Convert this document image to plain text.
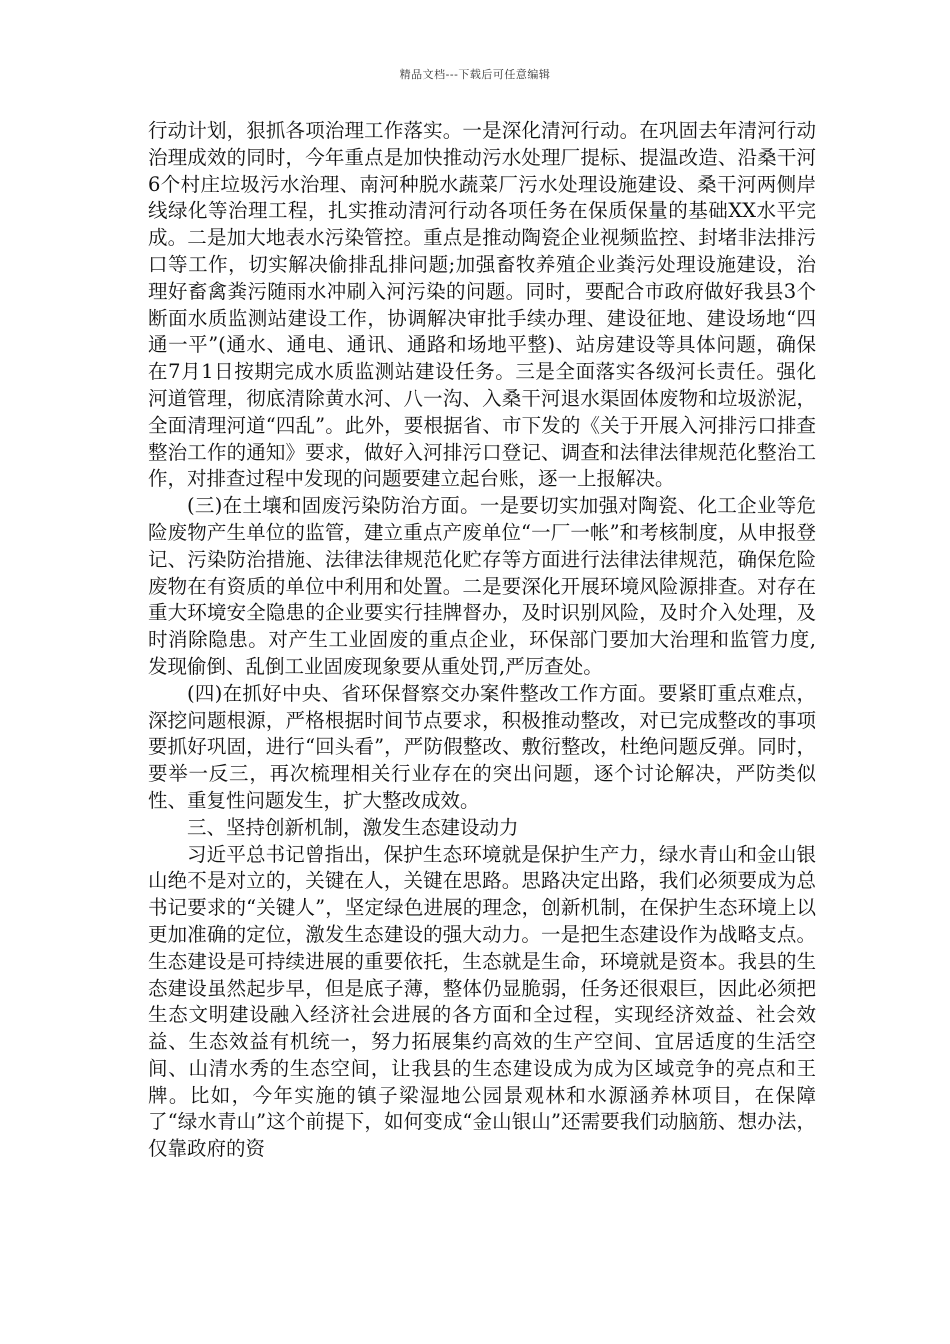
精品文档---下载后可任意编辑

行动计划，狠抓各项治理工作落实。一是深化清河行动。在巩固去年清河行动治理成效的同时，今年重点是加快推动污水处理厂提标、提温改造、沿桑干河6个村庄垃圾污水治理、南河种脱水蔬菜厂污水处理设施建设、桑干河两侧岸线绿化等治理工程，扎实推动清河行动各项任务在保质保量的基础XX水平完成。二是加大地表水污染管控。重点是推动陶瓷企业视频监控、封堵非法排污口等工作，切实解决偷排乱排问题;加强畜牧养殖企业粪污处理设施建设，治理好畜禽粪污随雨水冲刷入河污染的问题。同时，要配合市政府做好我县3个断面水质监测站建设工作，协调解决审批手续办理、建设征地、建设场地“四通一平”(通水、通电、通讯、通路和场地平整)、站房建设等具体问题，确保在7月1日按期完成水质监测站建设任务。三是全面落实各级河长责任。强化河道管理，彻底清除黄水河、八一沟、入桑干河退水渠固体废物和垃圾淤泥，全面清理河道“四乱”。此外，要根据省、市下发的《关于开展入河排污口排查整治工作的通知》要求，做好入河排污口登记、调查和法律法律规范化整治工作，对排查过程中发现的问题要建立起台账，逐一上报解决。

(三)在土壤和固废污染防治方面。一是要切实加强对陶瓷、化工企业等危险废物产生单位的监管，建立重点产废单位“一厂一帐”和考核制度，从申报登记、污染防治措施、法律法律规范化贮存等方面进行法律法律规范，确保危险废物在有资质的单位中利用和处置。二是要深化开展环境风险源排查。对存在重大环境安全隐患的企业要实行挂牌督办，及时识别风险，及时介入处理，及时消除隐患。对产生工业固废的重点企业，环保部门要加大治理和监管力度,发现偷倒、乱倒工业固废现象要从重处罚,严厉查处。

(四)在抓好中央、省环保督察交办案件整改工作方面。要紧盯重点难点，深挖问题根源，严格根据时间节点要求，积极推动整改，对已完成整改的事项要抓好巩固，进行“回头看”，严防假整改、敷衍整改，杜绝问题反弹。同时，要举一反三，再次梳理相关行业存在的突出问题，逐个讨论解决，严防类似性、重复性问题发生，扩大整改成效。

三、坚持创新机制，激发生态建设动力

习近平总书记曾指出，保护生态环境就是保护生产力，绿水青山和金山银山绝不是对立的，关键在人，关键在思路。思路决定出路，我们必须要成为总书记要求的“关键人”，坚定绿色进展的理念，创新机制，在保护生态环境上以更加准确的定位，激发生态建设的强大动力。一是把生态建设作为战略支点。生态建设是可持续进展的重要依托，生态就是生命，环境就是资本。我县的生态建设虽然起步早，但是底子薄，整体仍显脆弱，任务还很艰巨，因此必须把生态文明建设融入经济社会进展的各方面和全过程，实现经济效益、社会效益、生态效益有机统一，努力拓展集约高效的生产空间、宜居适度的生活空间、山清水秀的生态空间，让我县的生态建设成为成为区域竞争的亮点和王牌。比如，今年实施的镇子梁湿地公园景观林和水源涵养林项目，在保障了“绿水青山”这个前提下，如何变成“金山银山”还需要我们动脑筋、想办法，仅靠政府的资
